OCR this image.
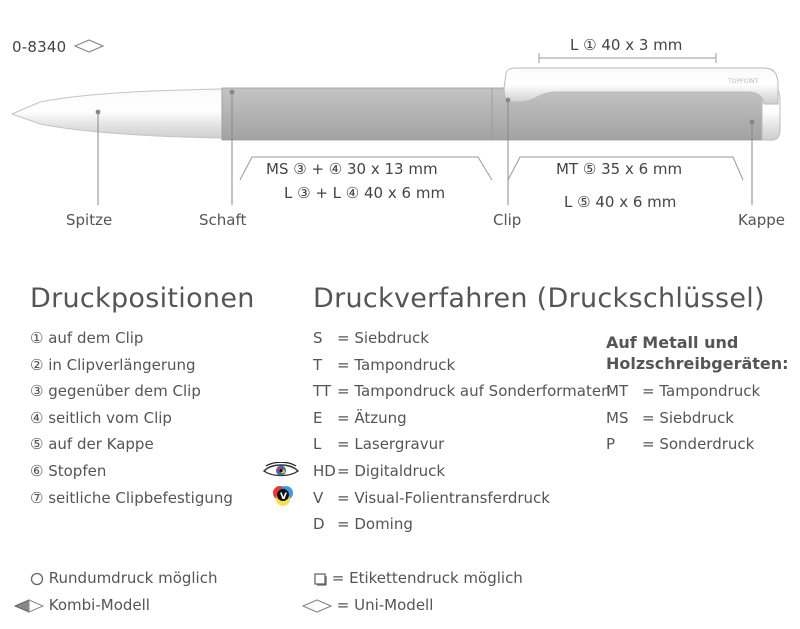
0-8340
TOPPOINT
L ① 40 x 3 mm
MS ③ + ④ 30 x 13 mm
L ③ + L ④ 40 x 6 mm
MT ⑤ 35 x 6 mm
L ⑤ 40 x 6 mm
Spitze	Schaft	Clip	Kappe
Druckpositionen
① auf dem Clip
② in Clipverlängerung
③ gegenüber dem Clip
④ seitlich vom Clip
⑤ auf der Kappe
⑥ Stopfen
⑦ seitliche Clipbefestigung
Druckverfahren (Druckschlüssel)
S = Siebdruck
T = Tampondruck
TT = Tampondruck auf Sonderformaten
E = Ätzung
L = Lasergravur
HD= Digitaldruck
V = Visual-Folientransferdruck
D = Doming
V
Auf Metall und
Holzschreibgeräten:
MT = Tampondruck
MS = Siebdruck
P = Sonderdruck
Rundumdruck möglich
Kombi-Modell
= Etikettendruck möglich
= Uni-Modell
